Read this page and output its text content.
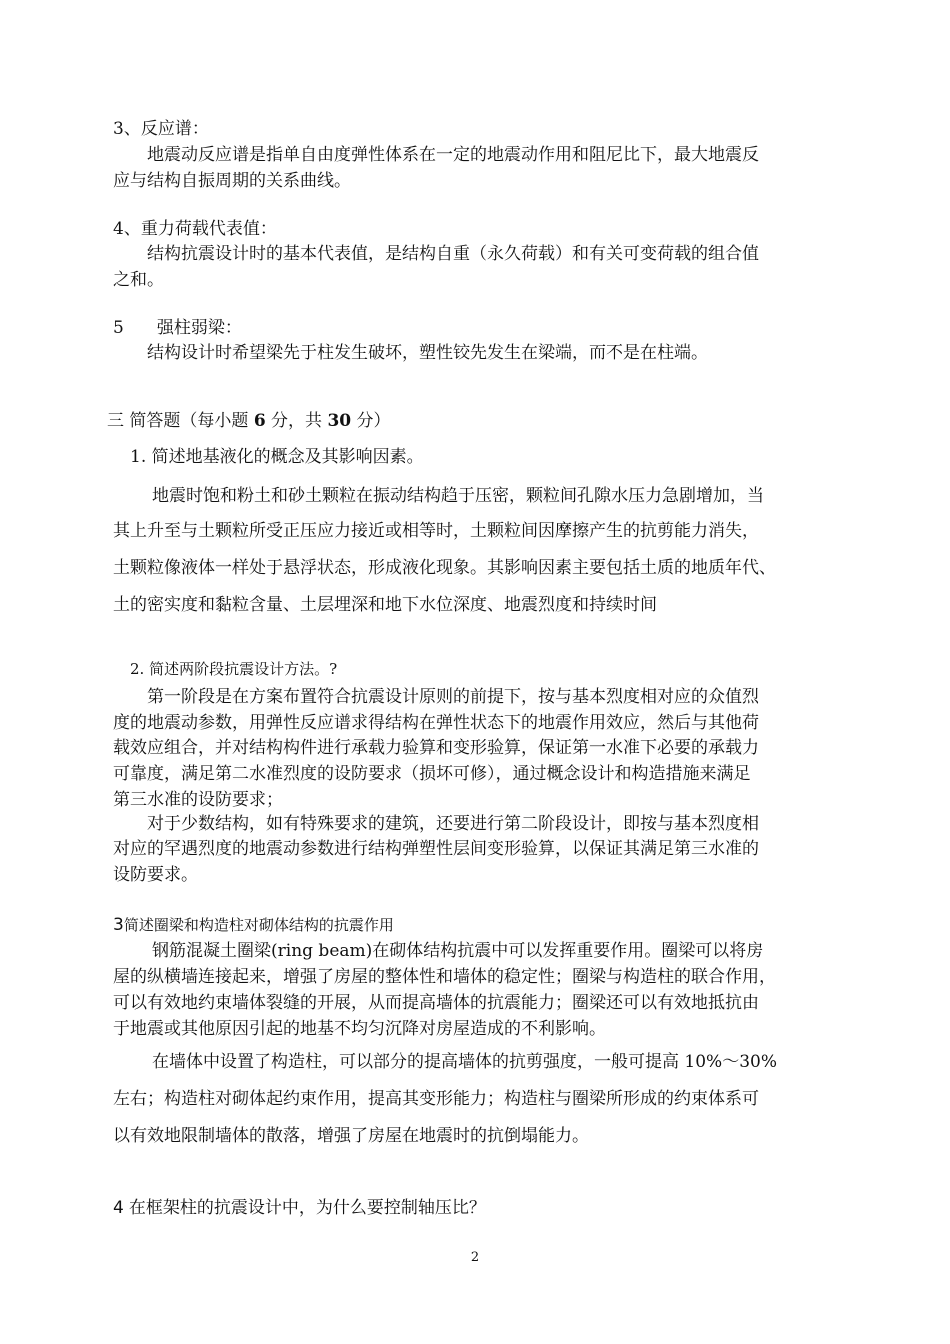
3、反应谱：

地震动反应谱是指单自由度弹性体系在一定的地震动作用和阻尼比下，最大地震反

应与结构自振周期的关系曲线。

4、重力荷载代表值：

结构抗震设计时的基本代表值，是结构自重（永久荷载）和有关可变荷载的组合值

之和。

5 强柱弱梁：

结构设计时希望梁先于柱发生破坏，塑性铰先发生在梁端，而不是在柱端。

三 简答题（每小题 6 分，共 30 分）

1. 简述地基液化的概念及其影响因素。

地震时饱和粉土和砂土颗粒在振动结构趋于压密，颗粒间孔隙水压力急剧增加，当

其上升至与土颗粒所受正压应力接近或相等时，土颗粒间因摩擦产生的抗剪能力消失，

土颗粒像液体一样处于悬浮状态，形成液化现象。其影响因素主要包括土质的地质年代、

土的密实度和黏粒含量、土层埋深和地下水位深度、地震烈度和持续时间

2. 简述两阶段抗震设计方法。?

第一阶段是在方案布置符合抗震设计原则的前提下，按与基本烈度相对应的众值烈

度的地震动参数，用弹性反应谱求得结构在弹性状态下的地震作用效应，然后与其他荷

载效应组合，并对结构构件进行承载力验算和变形验算，保证第一水准下必要的承载力

可靠度，满足第二水准烈度的设防要求（损坏可修），通过概念设计和构造措施来满足

第三水准的设防要求；

对于少数结构，如有特殊要求的建筑，还要进行第二阶段设计，即按与基本烈度相

对应的罕遇烈度的地震动参数进行结构弹塑性层间变形验算，以保证其满足第三水准的

设防要求。

3简述圈梁和构造柱对砌体结构的抗震作用

钢筋混凝土圈梁(ring beam)在砌体结构抗震中可以发挥重要作用。圈梁可以将房

屋的纵横墙连接起来，增强了房屋的整体性和墙体的稳定性；圈梁与构造柱的联合作用，

可以有效地约束墙体裂缝的开展，从而提高墙体的抗震能力；圈梁还可以有效地抵抗由

于地震或其他原因引起的地基不均匀沉降对房屋造成的不利影响。

在墙体中设置了构造柱，可以部分的提高墙体的抗剪强度，一般可提高 10%～30%

左右；构造柱对砌体起约束作用，提高其变形能力；构造柱与圈梁所形成的约束体系可

以有效地限制墙体的散落，增强了房屋在地震时的抗倒塌能力。

4 在框架柱的抗震设计中，为什么要控制轴压比？

2
